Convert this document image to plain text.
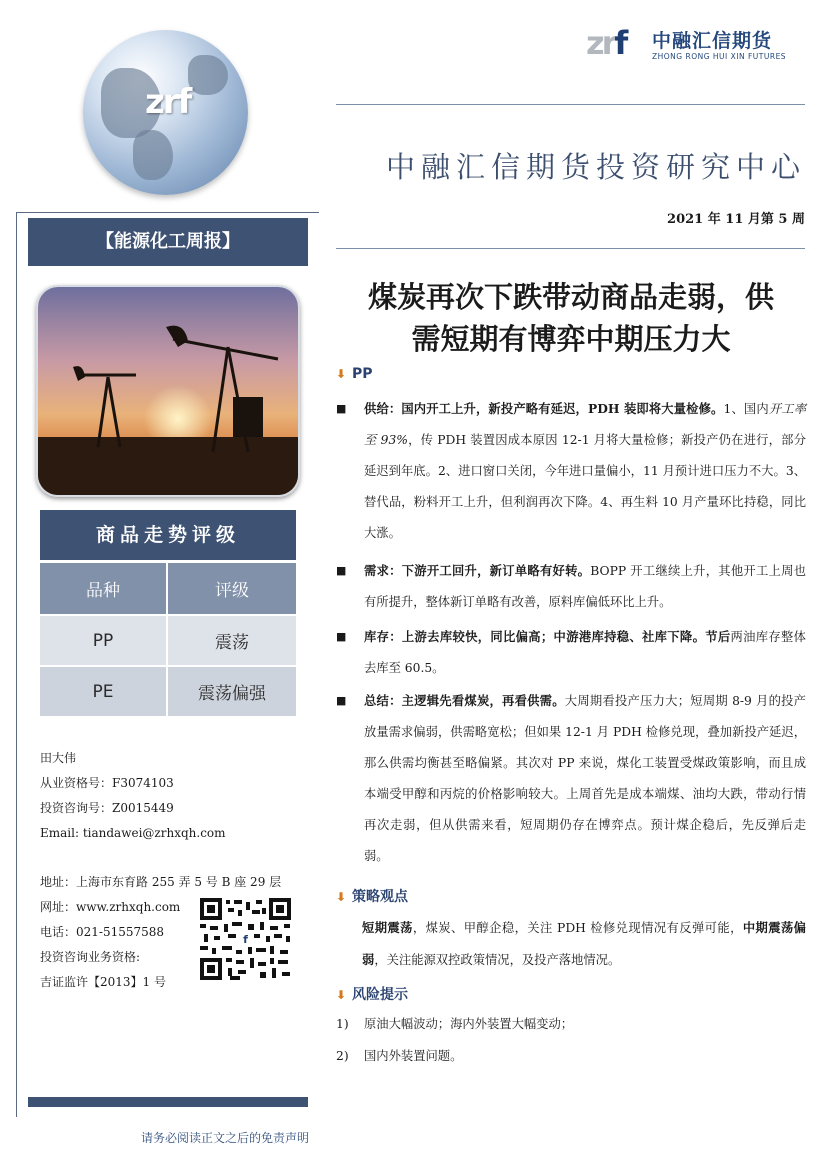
zrf
zrf 中融汇信期货
ZHONG RONG HUI XIN FUTURES
中融汇信期货投资研究中心
2021 年 11 月第 5 周
【能源化工周报】
商品走势评级
品种	评级
PP	震荡
PE	震荡偏强
田大伟
从业资格号：F3074103
投资咨询号：Z0015449
Email: tiandawei@zrhxqh.com
地址：上海市东育路 255 弄 5 号 B 座 29 层
网址：www.zrhxqh.com
电话：021-51557588
投资咨询业务资格:
吉证监许【2013】1 号
f
请务必阅读正文之后的免责声明
煤炭再次下跌带动商品走弱，供
需短期有博弈中期压力大
⬇ PP
■	供给：国内开工上升，新投产略有延迟，PDH 装即将大量检修。1、国内开工率至 93%，传 PDH 装置因成本原因 12-1 月将大量检修；新投产仍在进行，部分延迟到年底。2、进口窗口关闭，今年进口量偏小，11 月预计进口压力不大。3、替代品，粉料开工上升，但利润再次下降。4、再生料 10 月产量环比持稳，同比大涨。
■	需求：下游开工回升，新订单略有好转。BOPP 开工继续上升，其他开工上周也有所提升，整体新订单略有改善，原料库偏低环比上升。
■	库存：上游去库较快，同比偏高；中游港库持稳、社库下降。节后两油库存整体去库至 60.5。
■	总结：主逻辑先看煤炭，再看供需。大周期看投产压力大；短周期 8-9 月的投产放量需求偏弱，供需略宽松；但如果 12-1 月 PDH 检修兑现，叠加新投产延迟，那么供需均衡甚至略偏紧。其次对 PP 来说，煤化工装置受煤政策影响，而且成本端受甲醇和丙烷的价格影响较大。上周首先是成本端煤、油均大跌，带动行情再次走弱，但从供需来看，短周期仍存在博弈点。预计煤企稳后，先反弹后走弱。
⬇ 策略观点
短期震荡，煤炭、甲醇企稳，关注 PDH 检修兑现情况有反弹可能，中期震荡偏弱，关注能源双控政策情况，及投产落地情况。
⬇ 风险提示
1) 原油大幅波动；海内外装置大幅变动；
2) 国内外装置问题。
